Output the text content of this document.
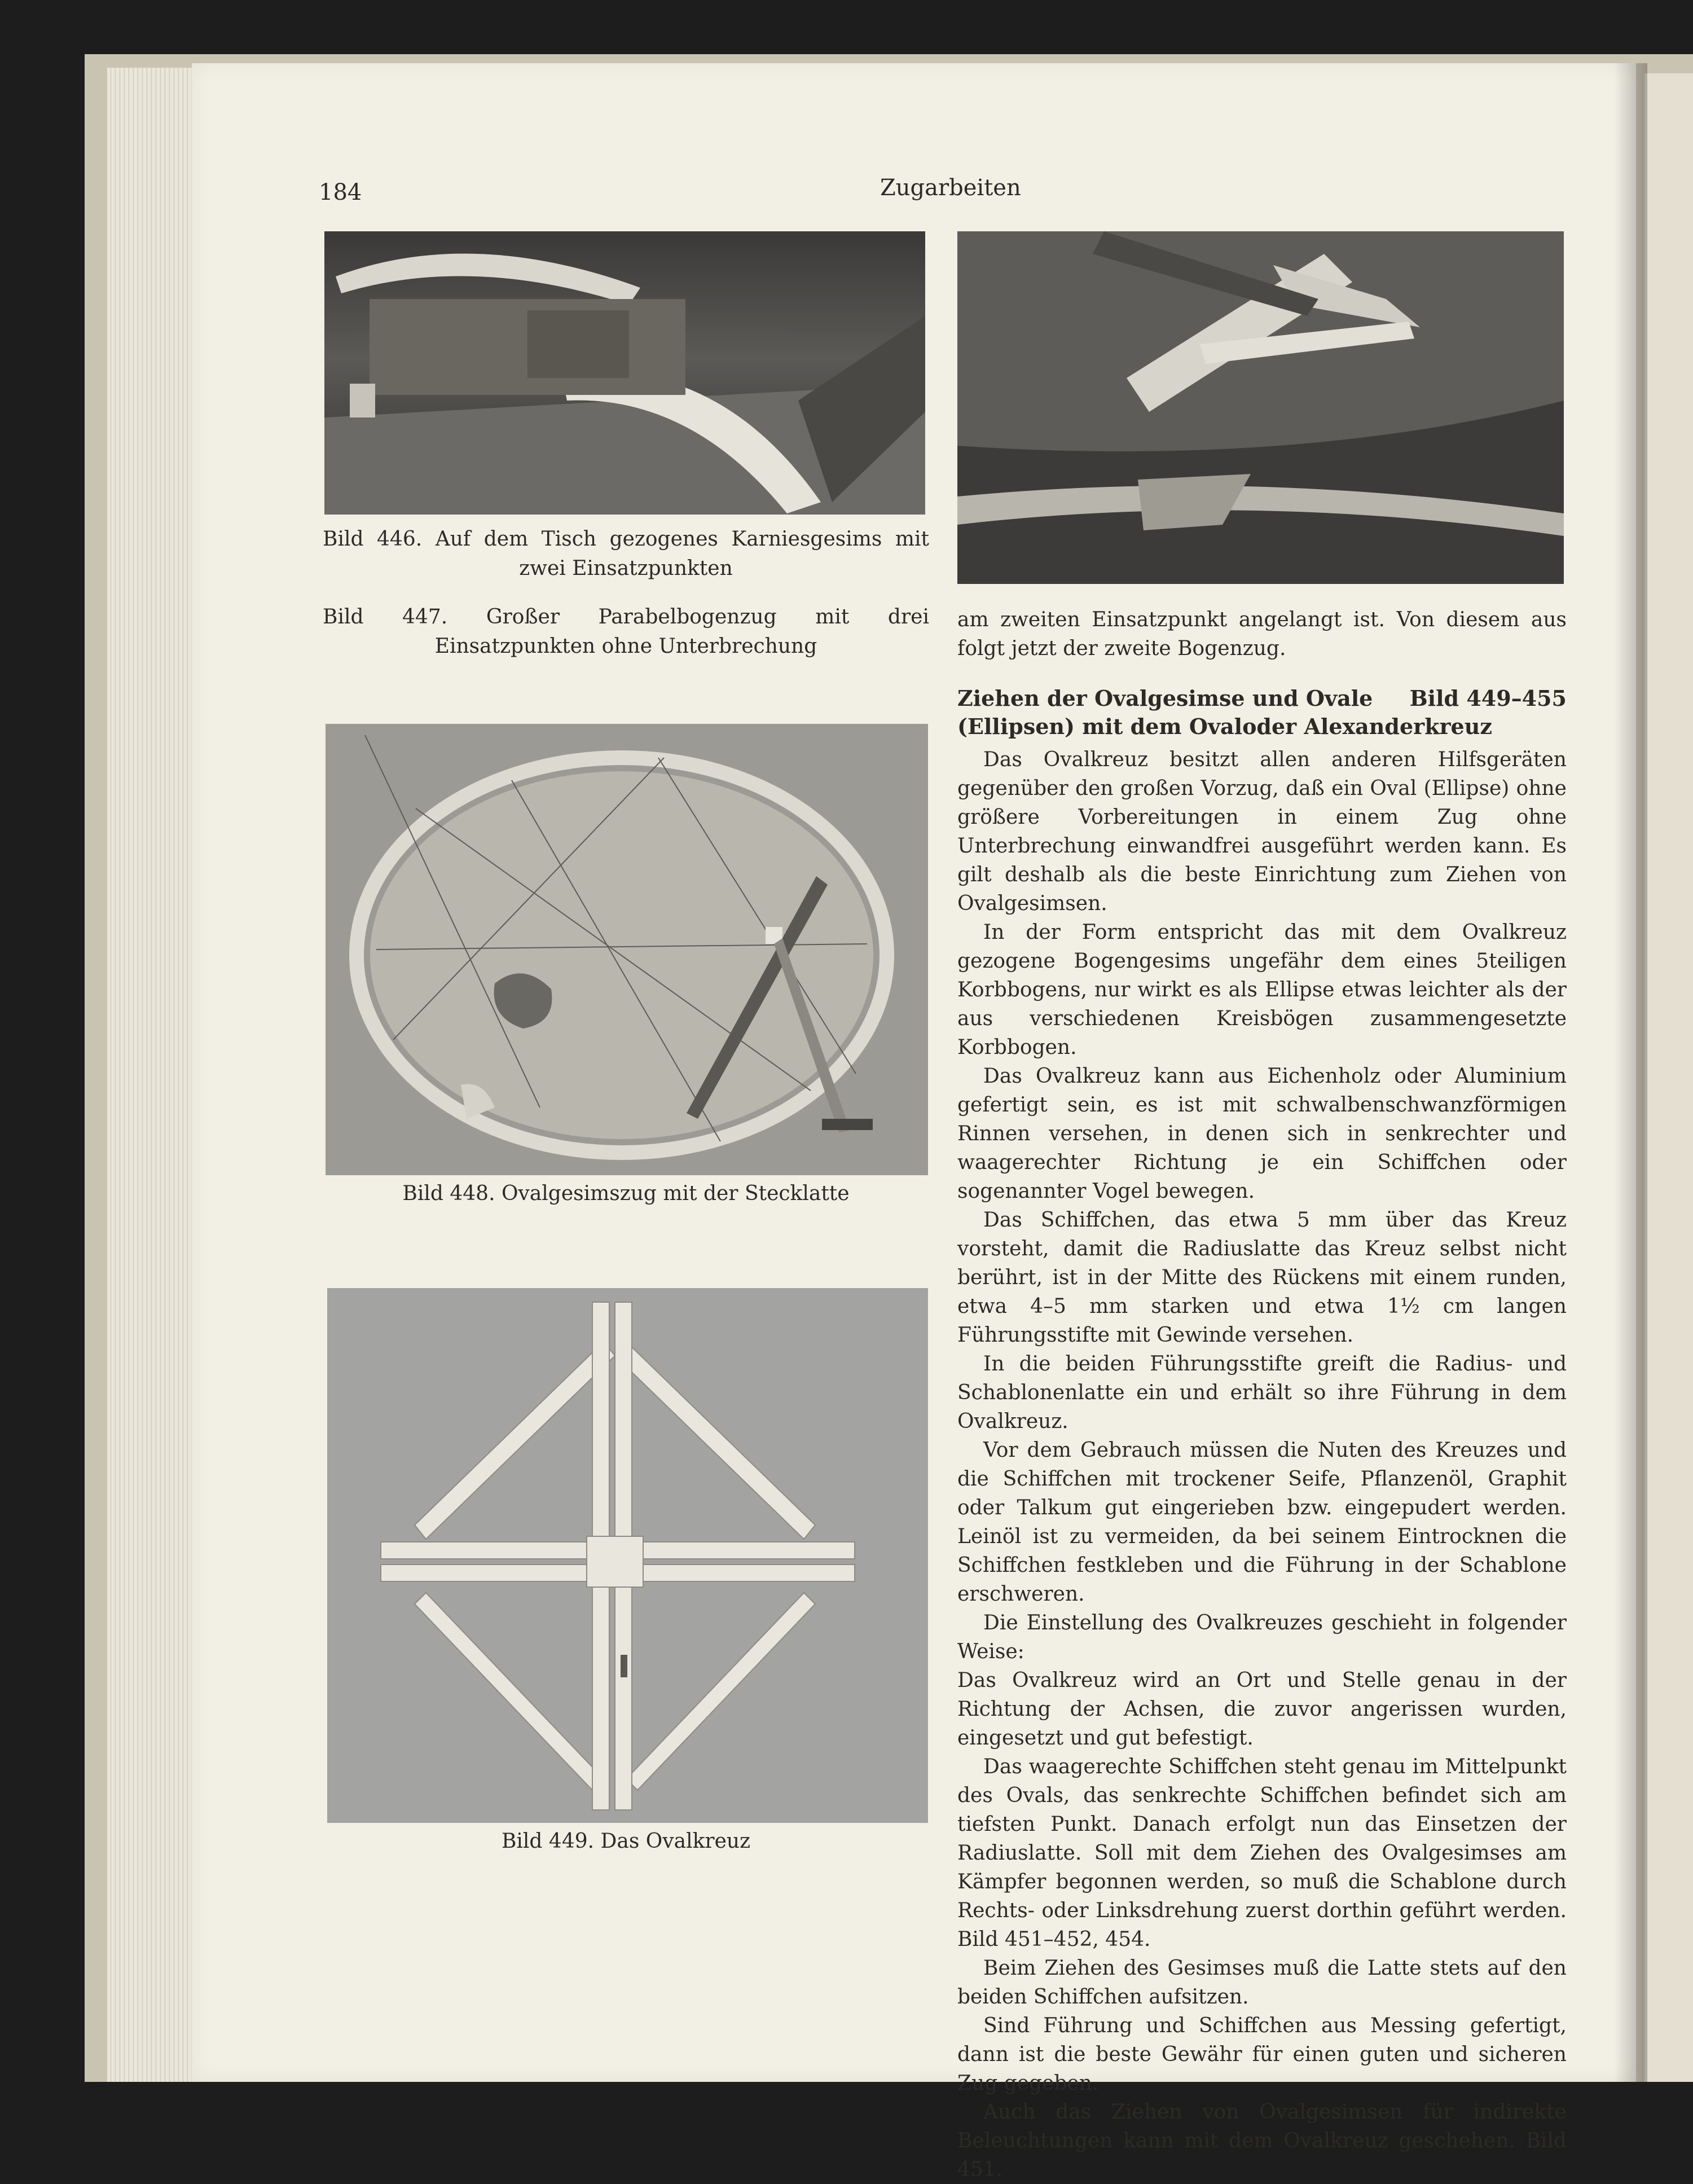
184	Zugarbeiten
Bild 446. Auf dem Tisch gezogenes Karniesgesims mit zwei Einsatzpunkten
Bild 447. Großer Parabelbogenzug mit drei Einsatzpunkten ohne Unterbrechung

am zweiten Einsatzpunkt angelangt ist. Von diesem aus folgt jetzt der zweite Bogenzug.

Bild 449–455
Ziehen der Ovalgesimse und Ovale (Ellipsen) mit dem Ovaloder Alexanderkreuz

Das Ovalkreuz besitzt allen anderen Hilfsgeräten gegenüber den großen Vorzug, daß ein Oval (Ellipse) ohne größere Vorbereitungen in einem Zug ohne Unterbrechung einwandfrei ausgeführt werden kann. Es gilt deshalb als die beste Einrichtung zum Ziehen von Ovalgesimsen.

In der Form entspricht das mit dem Ovalkreuz gezogene Bogengesims ungefähr dem eines 5teiligen Korbbogens, nur wirkt es als Ellipse etwas leichter als der aus verschiedenen Kreisbögen zusammengesetzte Korbbogen.

Das Ovalkreuz kann aus Eichenholz oder Aluminium gefertigt sein, es ist mit schwalbenschwanzförmigen Rinnen versehen, in denen sich in senkrechter und waagerechter Richtung je ein Schiffchen oder sogenannter Vogel bewegen.

Das Schiffchen, das etwa 5 mm über das Kreuz vorsteht, damit die Radiuslatte das Kreuz selbst nicht berührt, ist in der Mitte des Rückens mit einem runden, etwa 4–5 mm starken und etwa 1½ cm langen Führungsstifte mit Gewinde versehen.

In die beiden Führungsstifte greift die Radius- und Schablonenlatte ein und erhält so ihre Führung in dem Ovalkreuz.

Vor dem Gebrauch müssen die Nuten des Kreuzes und die Schiffchen mit trockener Seife, Pflanzenöl, Graphit oder Talkum gut eingerieben bzw. eingepudert werden. Leinöl ist zu vermeiden, da bei seinem Eintrocknen die Schiffchen festkleben und die Führung in der Schablone erschweren.

Die Einstellung des Ovalkreuzes geschieht in folgender Weise:

Das Ovalkreuz wird an Ort und Stelle genau in der Richtung der Achsen, die zuvor angerissen wurden, eingesetzt und gut befestigt.

Das waagerechte Schiffchen steht genau im Mittelpunkt des Ovals, das senkrechte Schiffchen befindet sich am tiefsten Punkt. Danach erfolgt nun das Einsetzen der Radiuslatte. Soll mit dem Ziehen des Ovalgesimses am Kämpfer begonnen werden, so muß die Schablone durch Rechts- oder Linksdrehung zuerst dorthin geführt werden. Bild 451–452, 454.

Beim Ziehen des Gesimses muß die Latte stets auf den beiden Schiffchen aufsitzen.

Sind Führung und Schiffchen aus Messing gefertigt, dann ist die beste Gewähr für einen guten und sicheren Zug gegeben.

Auch das Ziehen von Ovalgesimsen für indirekte Beleuchtungen kann mit dem Ovalkreuz geschehen. Bild 451.

Bild 448. Ovalgesimszug mit der Stecklatte
Bild 449. Das Ovalkreuz
